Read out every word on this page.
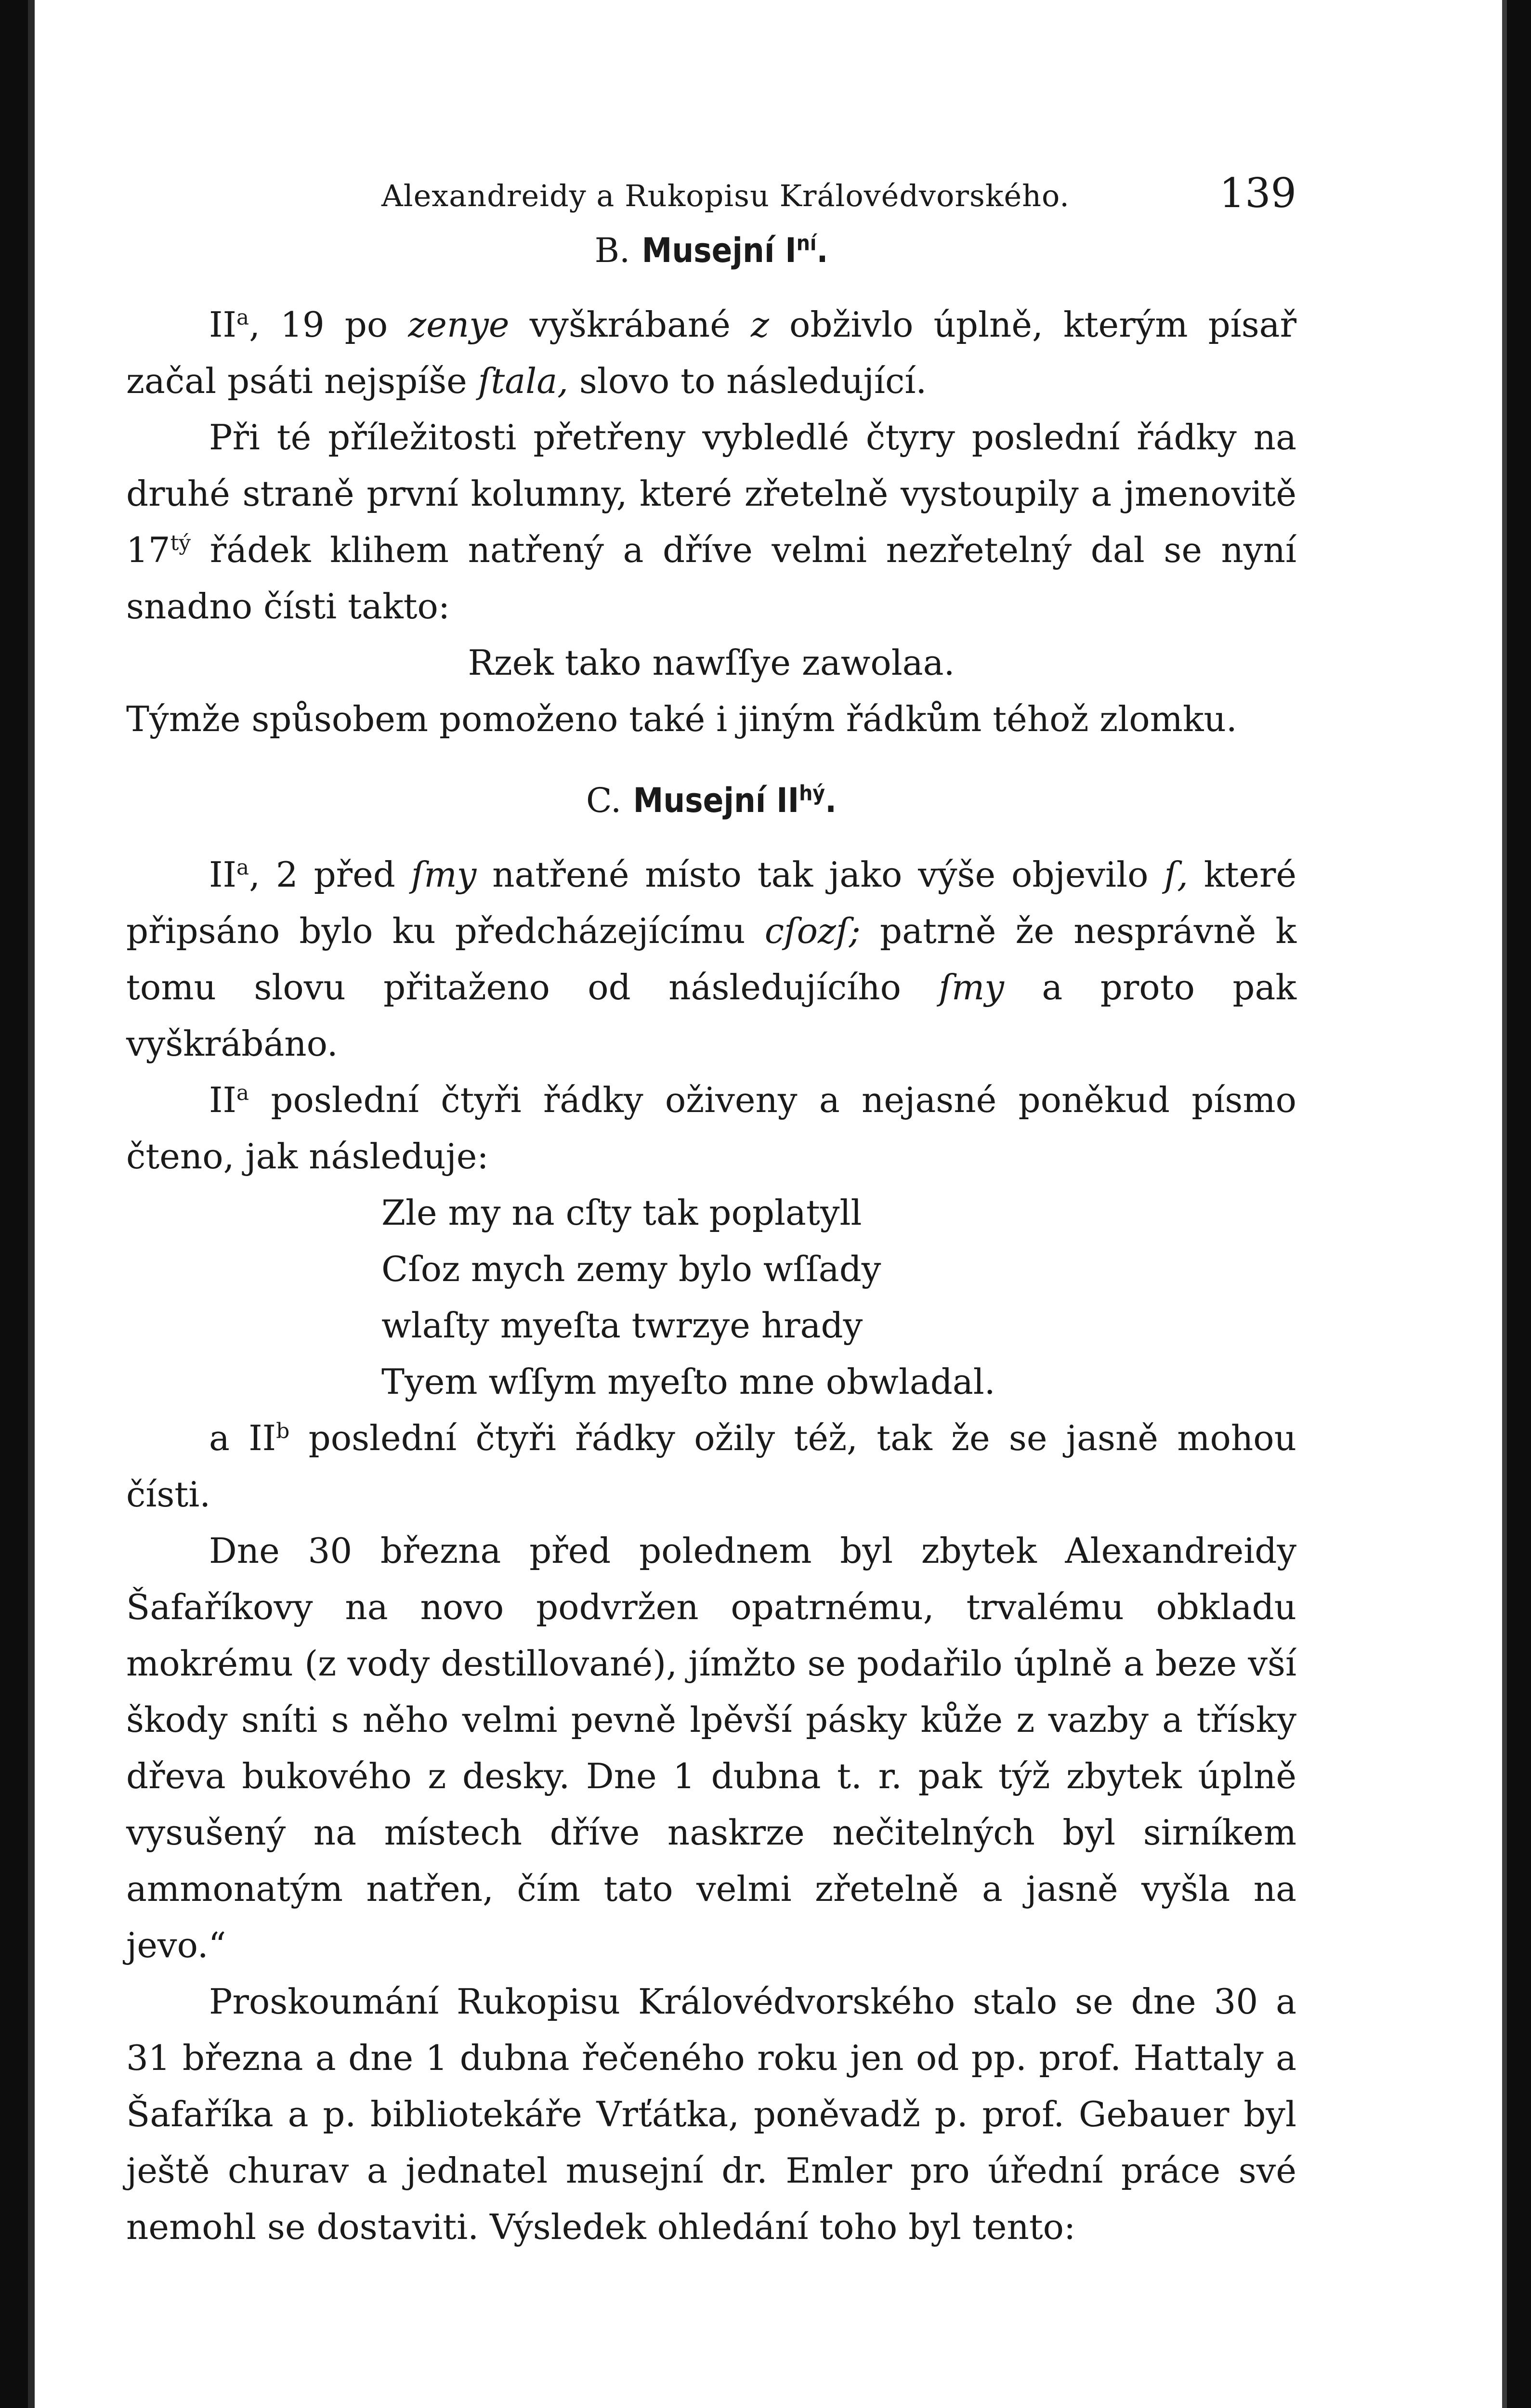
Alexandreidy a Rukopisu Královédvorského.	139
B. Musejní $I^{ní}$.

$II^a$, 19 po zenye vyškrábané z obživlo úplně, kterým písař začal psáti nejspíše ſtala, slovo to následující.

Při té příležitosti přetřeny vybledlé čtyry poslední řádky na druhé straně první kolumny, které zřetelně vystoupily a jmenovitě $17^{tý}$ řádek klihem natřený a dříve velmi nezřetelný dal se nyní snadno čísti takto:

Rzek tako nawſſye zawolaa.

Týmže spůsobem pomoženo také i jiným řádkům téhož zlomku.

C. Musejní $II^{hý}$.

$II^a$, 2 před ſmy natřené místo tak jako výše objevilo ſ, které připsáno bylo ku předcházejícímu cſozſ; patrně že nesprávně k tomu slovu přitaženo od následujícího ſmy a proto pak vyškrábáno.

$II^a$ poslední čtyři řádky oživeny a nejasné poněkud písmo čteno, jak následuje:

Zle my na cſty tak poplatyll

Cſoz mych zemy bylo wſſady

wlaſty myeſta twrzye hrady

Tyem wſſym myeſto mne obwladal.

a $II^b$ poslední čtyři řádky ožily též, tak že se jasně mohou čísti.

Dne 30 března před polednem byl zbytek Alexandreidy Šafaříkovy na novo podvržen opatrnému, trvalému obkladu mokrému (z vody destillované), jímžto se podařilo úplně a beze vší škody sníti s něho velmi pevně lpěvší pásky kůže z vazby a třísky dřeva bukového z desky. Dne 1 dubna t. r. pak týž zbytek úplně vysušený na místech dříve naskrze nečitelných byl sirníkem ammonatým natřen, čím tato velmi zřetelně a jasně vyšla na jevo.“

Proskoumání Rukopisu Královédvorského stalo se dne 30 a 31 března a dne 1 dubna řečeného roku jen od pp. prof. Hattaly a Šafaříka a p. bibliotekáře Vrťátka, poněvadž p. prof. Gebauer byl ještě churav a jednatel musejní dr. Emler pro úřední práce své nemohl se dostaviti. Výsledek ohledání toho byl tento:
